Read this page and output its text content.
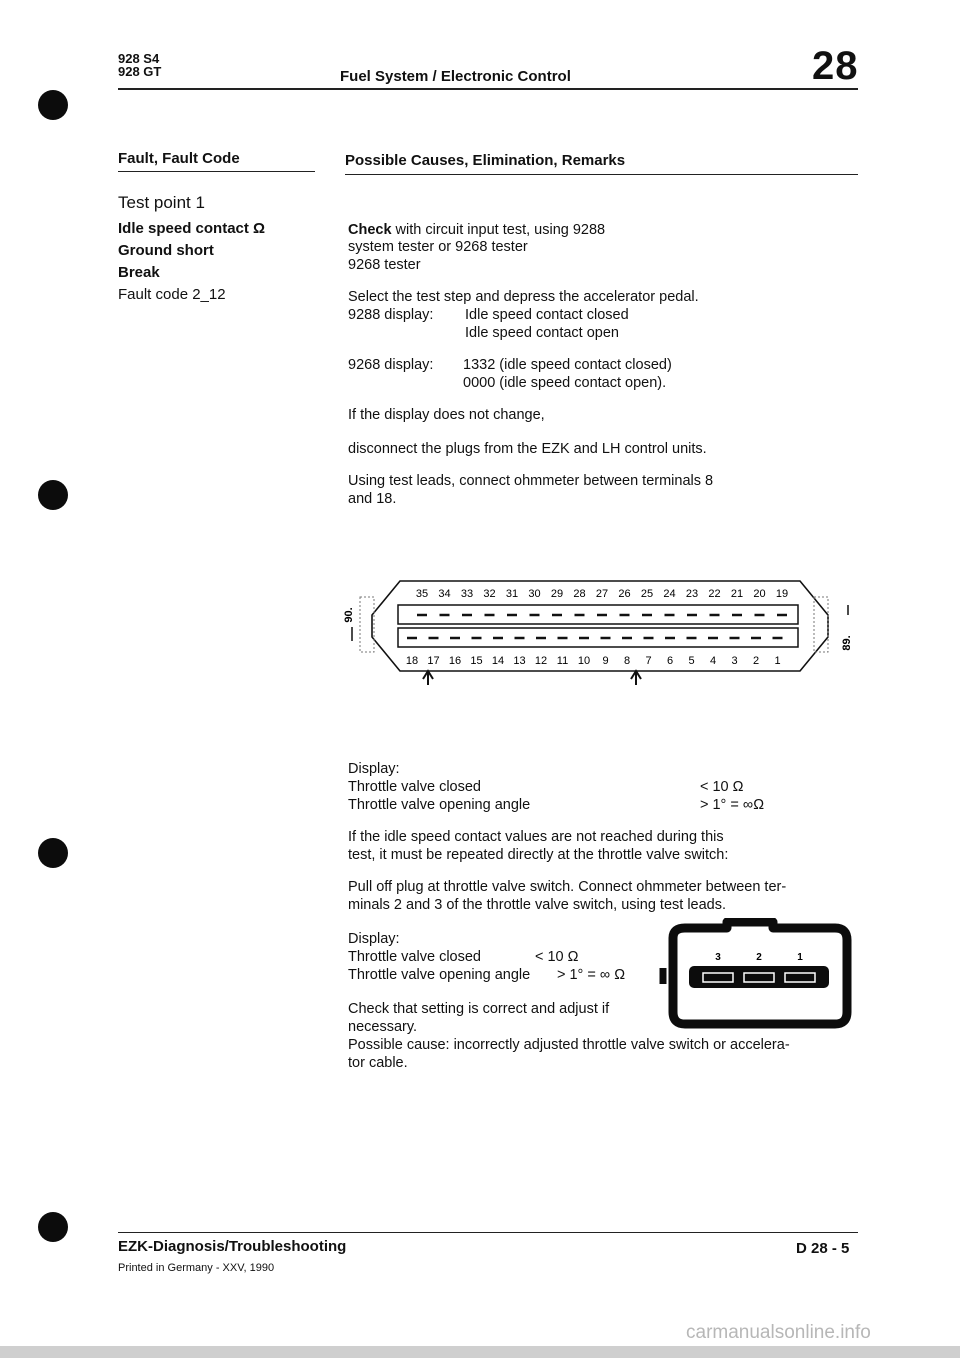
928 S4
928 GT	Fuel System / Electronic Control	28
Fault, Fault Code	Possible Causes, Elimination, Remarks
Test point 1
Idle speed contact Ω
Ground short
Break
Fault code 2_12
Check with circuit input test, using 9288
system tester or 9268 tester
9268 tester
Select the test step and depress the accelerator pedal.
9288 display: Idle speed contact closed
Idle speed contact open
9268 display: 1332 (idle speed contact closed)
0000 (idle speed contact open).
If the display does not change,
disconnect the plugs from the EZK and LH control units.
Using test leads, connect ohmmeter between terminals 8
and 18.
35 34 33 32 31 30 29 28 27 26 25 24 23 22 21 20 19
18 17 16 15 14 13 12 11 10 9 8 7 6 5 4 3 2 1
90.
89.
Display:
Throttle valve closed	< 10 Ω
Throttle valve opening angle	> 1° = ∞Ω
If the idle speed contact values are not reached during this
test, it must be repeated directly at the throttle valve switch:
Pull off plug at throttle valve switch. Connect ohmmeter between ter-
minals 2 and 3 of the throttle valve switch, using test leads.
Display:
Throttle valve closed	< 10 Ω
Throttle valve opening angle > 1° = ∞ Ω
3	2	1
Check that setting is correct and adjust if
necessary.
Possible cause: incorrectly adjusted throttle valve switch or accelera-
tor cable.
EZK-Diagnosis/Troubleshooting	D 28 - 5
Printed in Germany - XXV, 1990
carmanualsonline.info
